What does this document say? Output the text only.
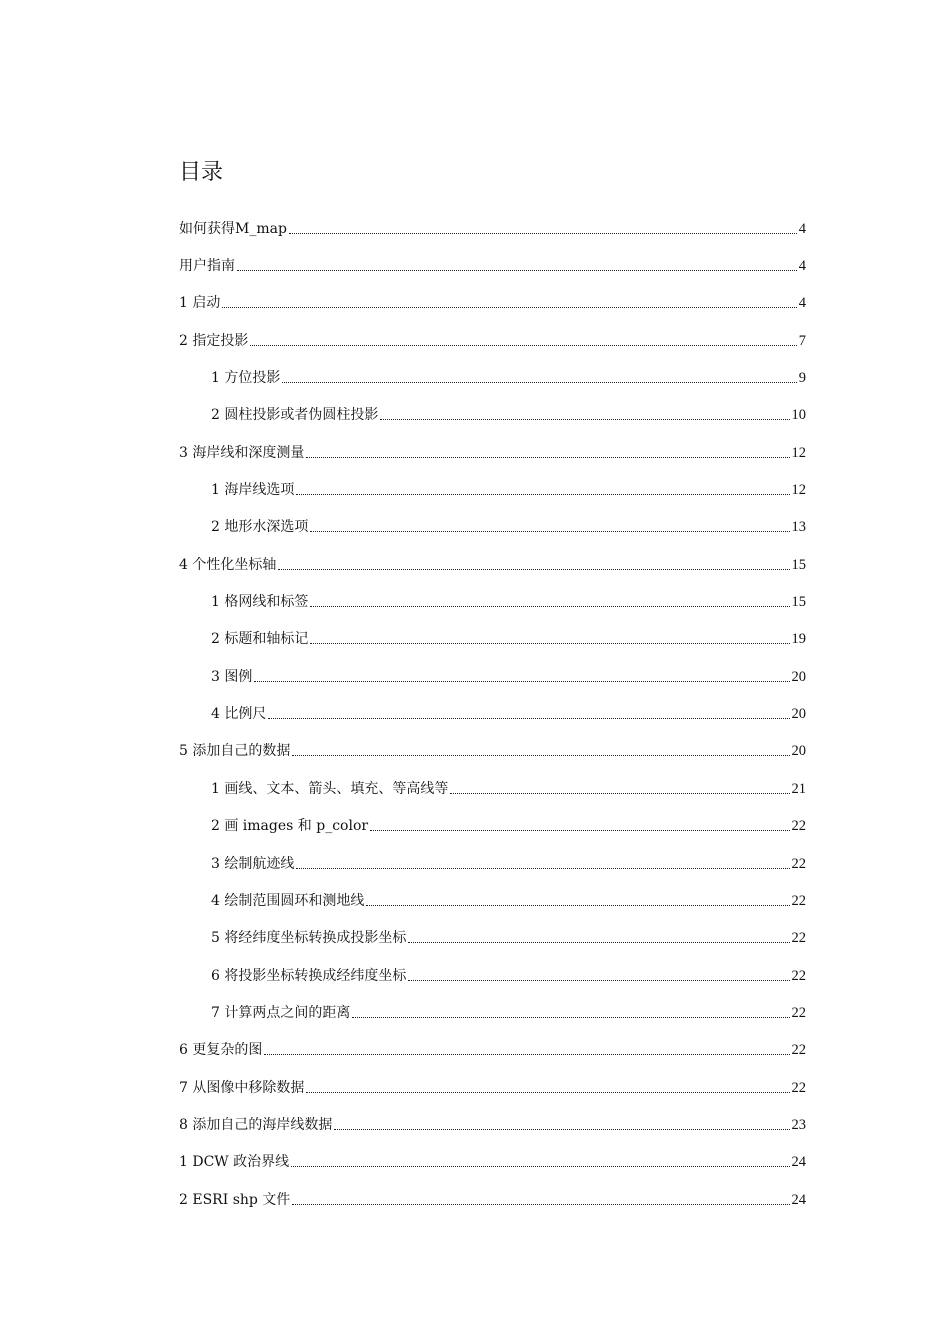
目录
如何获得M_map	4
用户指南	4
1 启动	4
2 指定投影	7
1 方位投影	9
2 圆柱投影或者伪圆柱投影	10
3 海岸线和深度测量	12
1 海岸线选项	12
2 地形水深选项	13
4 个性化坐标轴	15
1 格网线和标签	15
2 标题和轴标记	19
3 图例	20
4 比例尺	20
5 添加自己的数据	20
1 画线、文本、箭头、填充、等高线等	21
2 画 images 和 p_color	22
3 绘制航迹线	22
4 绘制范围圆环和测地线	22
5 将经纬度坐标转换成投影坐标	22
6 将投影坐标转换成经纬度坐标	22
7 计算两点之间的距离	22
6 更复杂的图	22
7 从图像中移除数据	22
8 添加自己的海岸线数据	23
1 DCW 政治界线	24
2 ESRI shp 文件	24
